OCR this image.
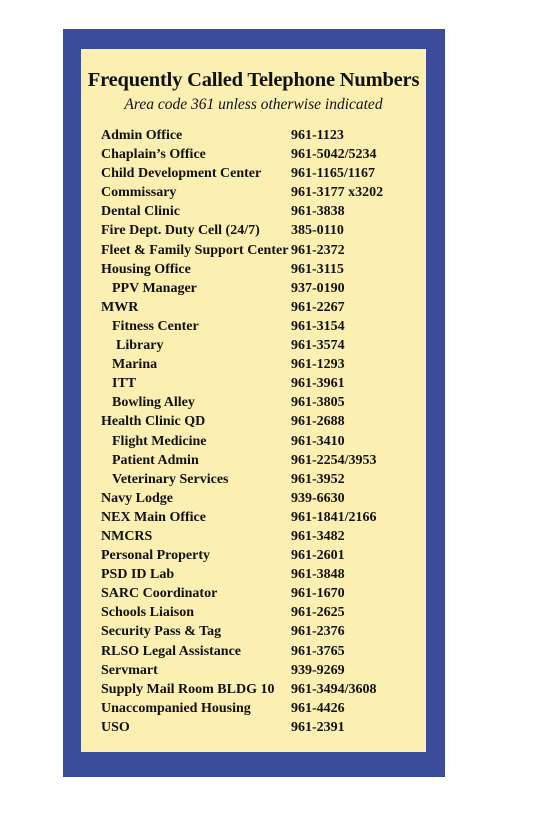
Frequently Called Telephone Numbers
Area code 361 unless otherwise indicated
Admin Office	961-1123
Chaplain’s Office	961-5042/5234
Child Development Center 961-1165/1167
Commissary	961-3177 x3202
Dental Clinic	961-3838
Fire Dept. Duty Cell (24/7) 385-0110
Fleet & Family Support Center 961-2372
Housing Office	961-3115
PPV Manager	937-0190
MWR	961-2267
Fitness Center	961-3154
Library	961-3574
Marina	961-1293
ITT	961-3961
Bowling Alley	961-3805
Health Clinic QD	961-2688
Flight Medicine	961-3410
Patient Admin	961-2254/3953
Veterinary Services	961-3952
Navy Lodge	939-6630
NEX Main Office	961-1841/2166
NMCRS	961-3482
Personal Property	961-2601
PSD ID Lab	961-3848
SARC Coordinator	961-1670
Schools Liaison	961-2625
Security Pass & Tag	961-2376
RLSO Legal Assistance	961-3765
Servmart	939-9269
Supply Mail Room BLDG 10 961-3494/3608
Unaccompanied Housing	961-4426
USO	961-2391
